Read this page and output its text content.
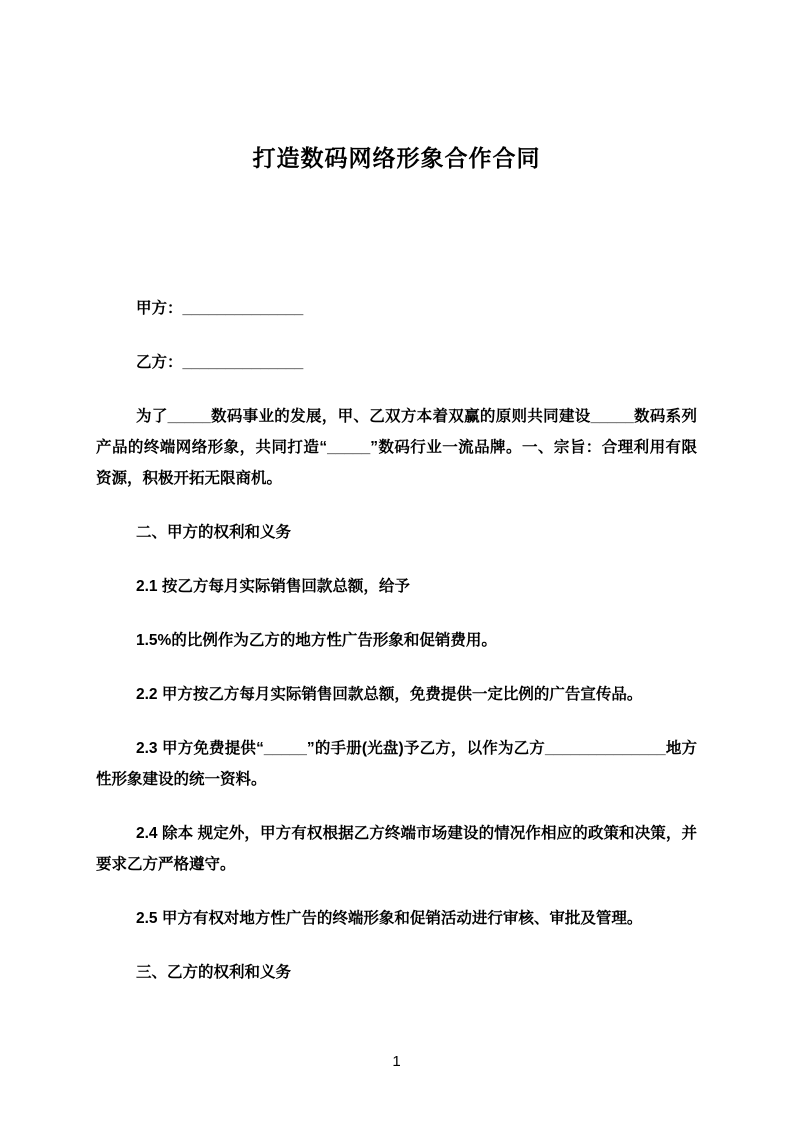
打造数码网络形象合作合同

甲方：______________

乙方：______________

为了_____数码事业的发展，甲、乙双方本着双赢的原则共同建设_____数码系列产品的终端网络形象，共同打造“_____”数码行业一流品牌。一、宗旨：合理利用有限资源，积极开拓无限商机。

二、甲方的权利和义务

2.1 按乙方每月实际销售回款总额，给予

1.5%的比例作为乙方的地方性广告形象和促销费用。

2.2 甲方按乙方每月实际销售回款总额，免费提供一定比例的广告宣传品。

2.3 甲方免费提供“_____”的手册(光盘)予乙方，以作为乙方______________地方性形象建设的统一资料。

2.4 除本 规定外，甲方有权根据乙方终端市场建设的情况作相应的政策和决策，并要求乙方严格遵守。

2.5 甲方有权对地方性广告的终端形象和促销活动进行审核、审批及管理。

三、乙方的权利和义务

1
